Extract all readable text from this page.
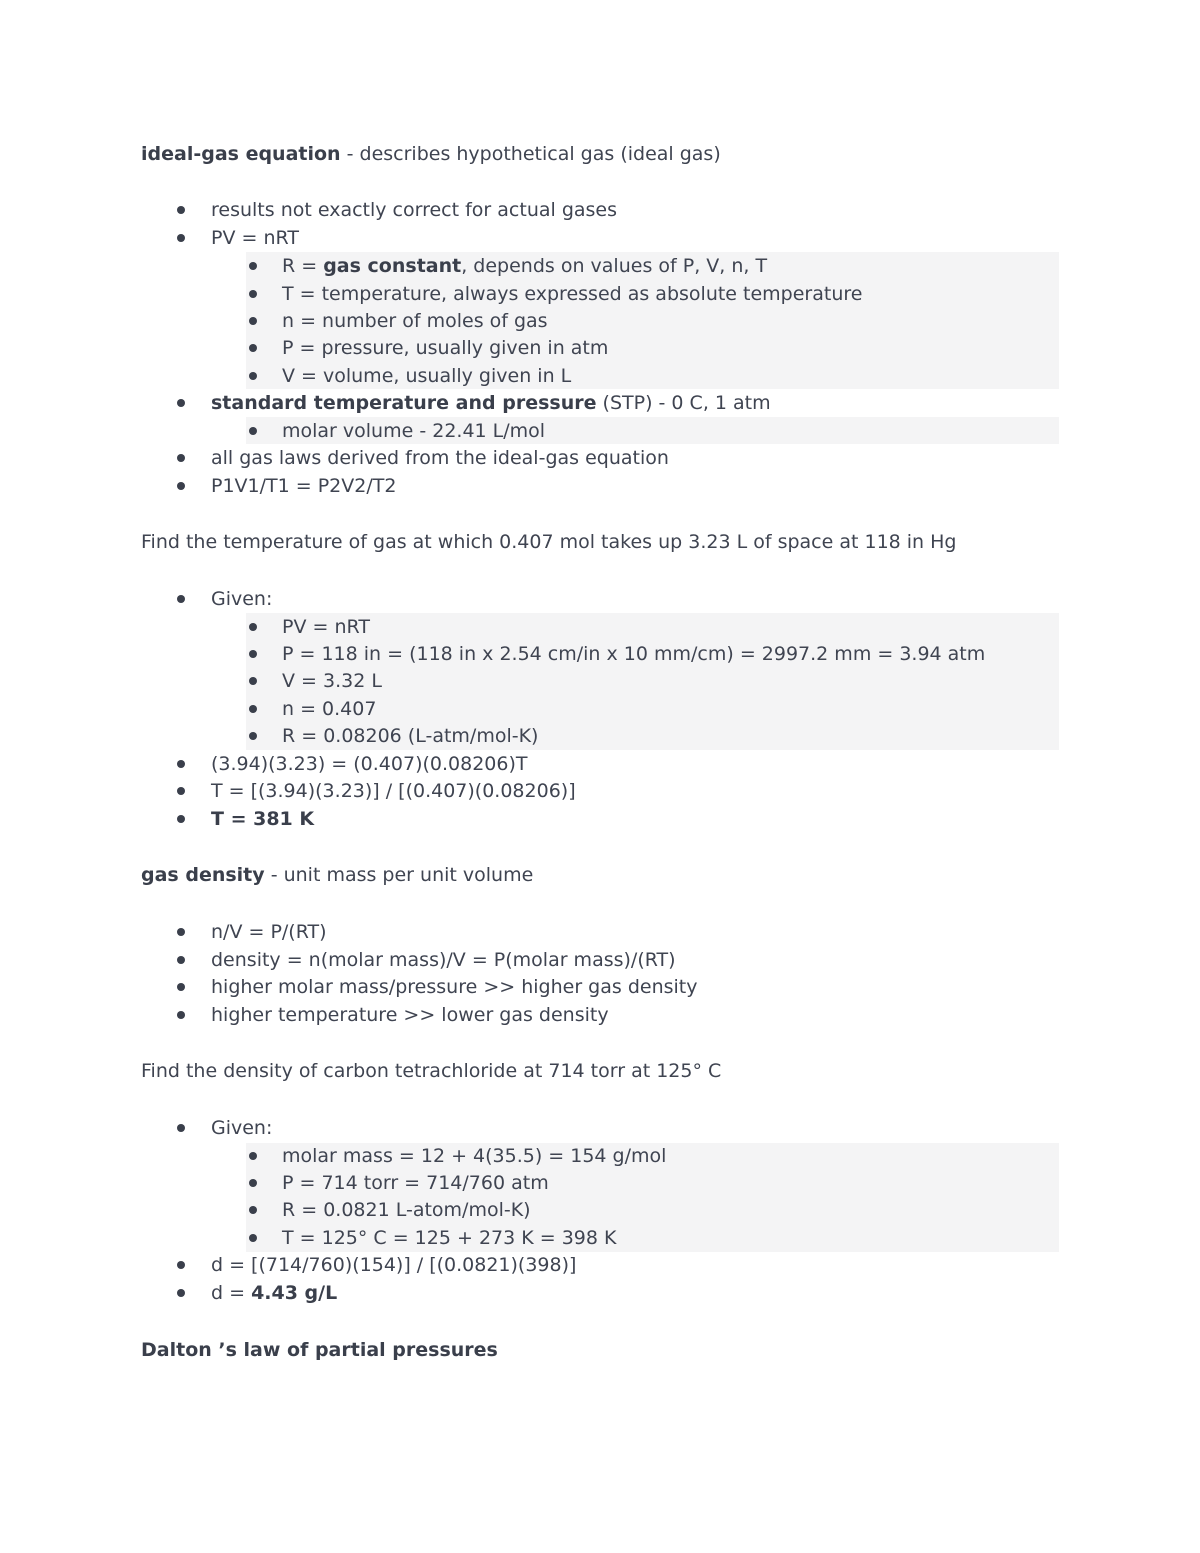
ideal-gas equation - describes hypothetical gas (ideal gas)
results not exactly correct for actual gases
PV = nRT
R = gas constant, depends on values of P, V, n, T
T = temperature, always expressed as absolute temperature
n = number of moles of gas
P = pressure, usually given in atm
V = volume, usually given in L
standard temperature and pressure (STP) - 0 C, 1 atm
molar volume - 22.41 L/mol
all gas laws derived from the ideal-gas equation
P1V1/T1 = P2V2/T2
Find the temperature of gas at which 0.407 mol takes up 3.23 L of space at 118 in Hg
Given:
PV = nRT
P = 118 in = (118 in x 2.54 cm/in x 10 mm/cm) = 2997.2 mm = 3.94 atm
V = 3.32 L
n = 0.407
R = 0.08206 (L-atm/mol-K)
(3.94)(3.23) = (0.407)(0.08206)T
T = [(3.94)(3.23)] / [(0.407)(0.08206)]
T = 381 K
gas density - unit mass per unit volume
n/V = P/(RT)
density = n(molar mass)/V = P(molar mass)/(RT)
higher molar mass/pressure >> higher gas density
higher temperature >> lower gas density
Find the density of carbon tetrachloride at 714 torr at 125° C
Given:
molar mass = 12 + 4(35.5) = 154 g/mol
P = 714 torr = 714/760 atm
R = 0.0821 L-atom/mol-K)
T = 125° C = 125 + 273 K = 398 K
d = [(714/760)(154)] / [(0.0821)(398)]
d = 4.43 g/L
Dalton ’s law of partial pressures
